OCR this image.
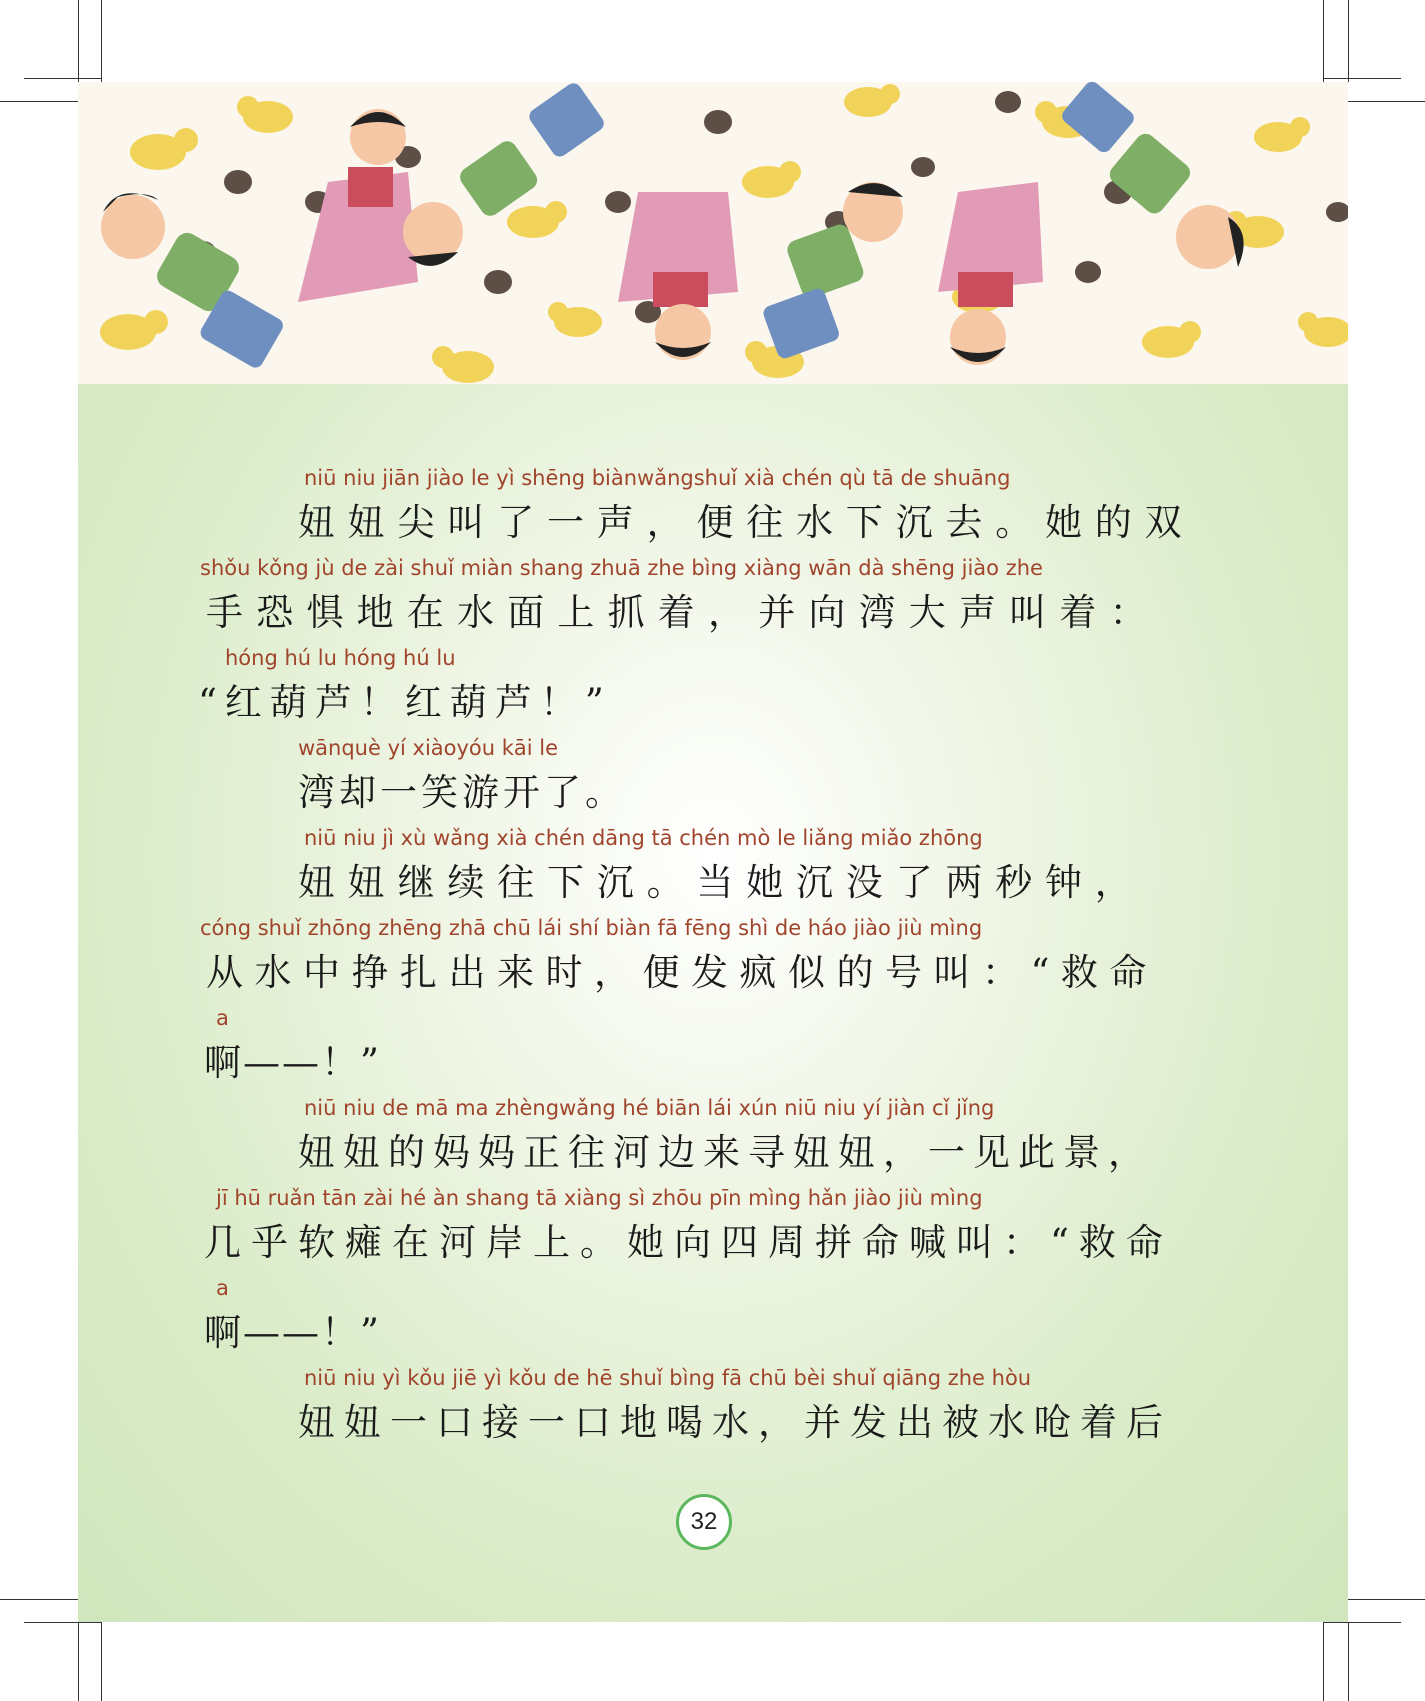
niū niu jiān jiào le yì shēng biànwǎngshuǐ xià chén qù tā de shuāng
妞妞尖叫了一声，便往水下沉去。她的双
shǒu kǒng jù de zài shuǐ miàn shang zhuā zhe bìng xiàng wān dà shēng jiào zhe
手恐惧地在水面上抓着，并向湾大声叫着：
hóng hú lu hóng hú lu
“红葫芦！红葫芦！”
wānquè yí xiàoyóu kāi le
湾却一笑游开了。
niū niu jì xù wǎng xià chén dāng tā chén mò le liǎng miǎo zhōng
妞妞继续往下沉。当她沉没了两秒钟，
cóng shuǐ zhōng zhēng zhā chū lái shí biàn fā fēng shì de háo jiào jiù mìng
从水中挣扎出来时，便发疯似的号叫：“救命
a
啊——！”
niū niu de mā ma zhèngwǎng hé biān lái xún niū niu yí jiàn cǐ jǐng
妞妞的妈妈正往河边来寻妞妞，一见此景，
jī hū ruǎn tān zài hé àn shang tā xiàng sì zhōu pīn mìng hǎn jiào jiù mìng
几乎软瘫在河岸上。她向四周拼命喊叫：“救命
a
啊——！”
niū niu yì kǒu jiē yì kǒu de hē shuǐ bìng fā chū bèi shuǐ qiāng zhe hòu
妞妞一口接一口地喝水，并发出被水呛着后
32
